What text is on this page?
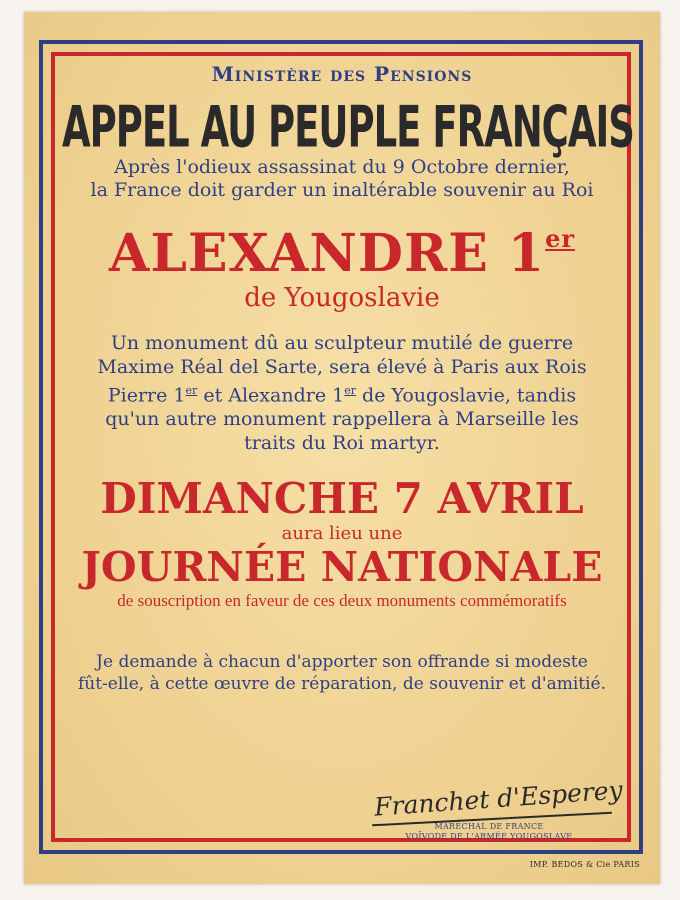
Ministère des Pensions
APPEL AU PEUPLE FRANÇAIS
Après l'odieux assassinat du 9 Octobre dernier,
la France doit garder un inaltérable souvenir au Roi
ALEXANDRE 1er
de Yougoslavie
Un monument dû au sculpteur mutilé de guerre
Maxime Réal del Sarte, sera élevé à Paris aux Rois
Pierre 1er et Alexandre 1er de Yougoslavie, tandis
qu'un autre monument rappellera à Marseille les
traits du Roi martyr.
DIMANCHE 7 AVRIL
aura lieu une
JOURNÉE NATIONALE
de souscription en faveur de ces deux monuments commémoratifs
Je demande à chacun d'apporter son offrande si modeste
fût-elle, à cette œuvre de réparation, de souvenir et d'amitié.
Franchet d'Esperey
MARÉCHAL DE FRANCE
VOÏVODE DE L'ARMÉE YOUGOSLAVE
IMP. BEDOS & Cie PARIS
